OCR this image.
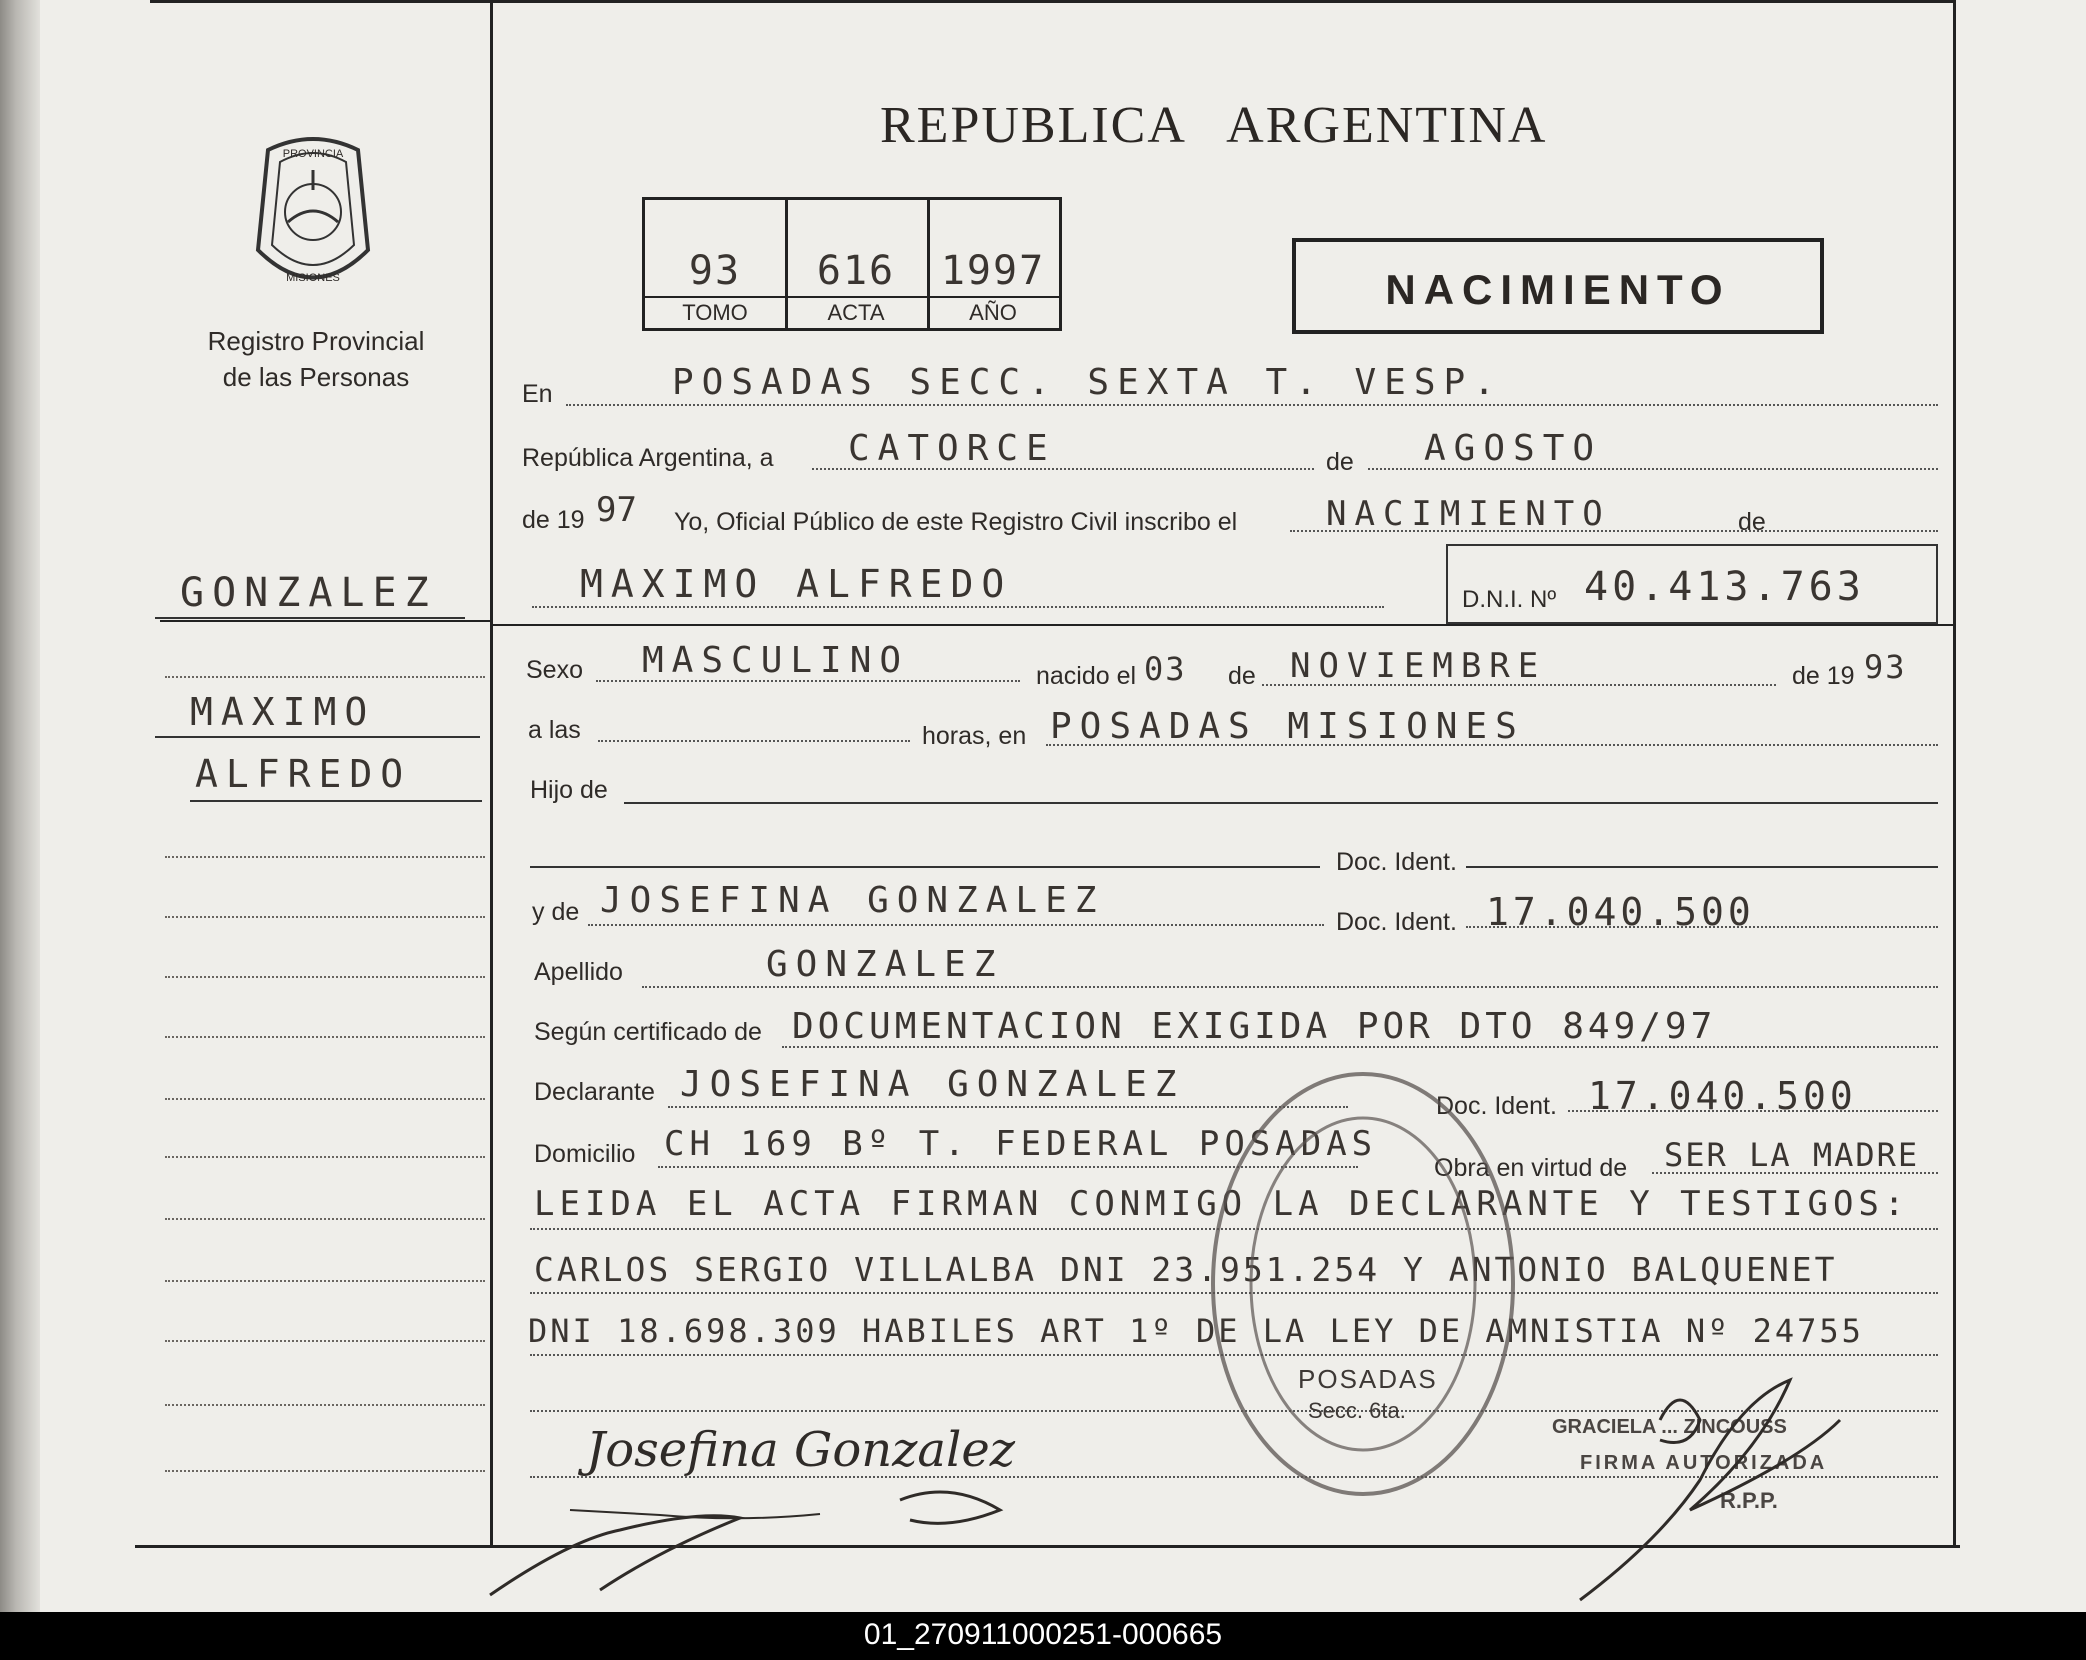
PROVINCIA
MISIONES
Registro Provincial
de las Personas
REPUBLICA   ARGENTINA
93	616	1997
TOMO	ACTA	AÑO	NACIMIENTO
GONZALEZ
MAXIMO
ALFREDO
En	POSADAS SECC. SEXTA T. VESP.
República Argentina, a CATORCE	de AGOSTO
de 19 97 Yo, Oficial Público de este Registro Civil inscribo el	NACIMIENTO	de
MAXIMO ALFREDO	D.N.I. Nº 40.413.763
Sexo MASCULINO	nacido el 03 de NOVIEMBRE	de 19 93
a las	horas, en POSADAS MISIONES
Hijo de
Doc. Ident.
y de JOSEFINA GONZALEZ
Doc. Ident. 17.040.500
Apellido	GONZALEZ
Según certificado de DOCUMENTACION EXIGIDA POR DTO 849/97
Declarante JOSEFINA GONZALEZ
Doc. Ident. 17.040.500
Domicilio CH 169 Bº T. FEDERAL POSADAS
Obra en virtud de SER LA MADRE
LEIDA EL ACTA FIRMAN CONMIGO LA DECLARANTE Y TESTIGOS:
CARLOS SERGIO VILLALBA DNI 23.951.254 Y ANTONIO BALQUENET
DNI 18.698.309 HABILES ART 1º DE LA LEY DE AMNISTIA Nº 24755
POSADAS
Secc. 6ta.
GRACIELA ... ZINCOUSS
FIRMA AUTORIZADA
R.P.P.
Josefina Gonzalez
01_270911000251-000665
